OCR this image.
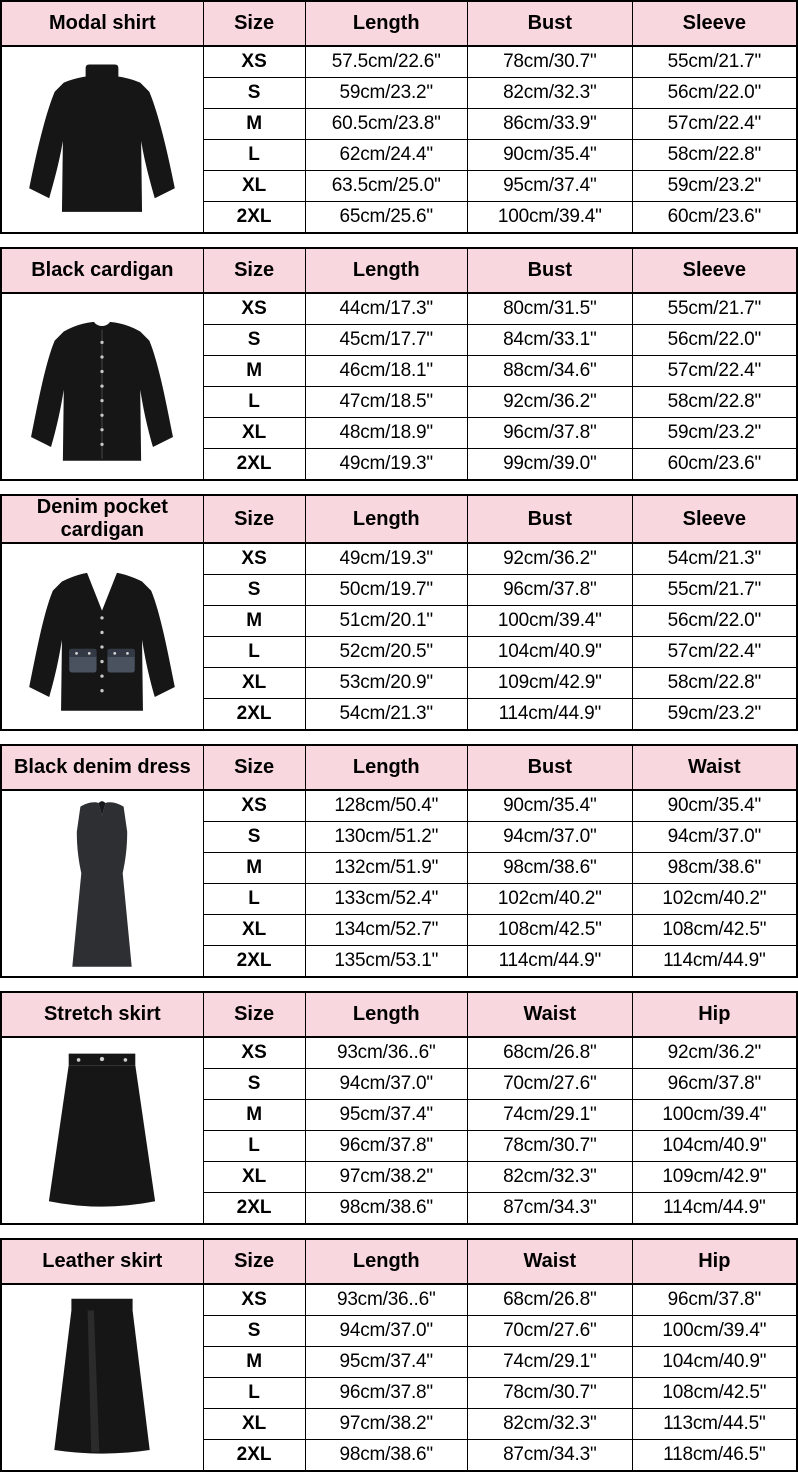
Modal shirt	Size	Length	Bust	Sleeve

	XS	57.5cm/22.6"	78cm/30.7"	55cm/21.7"
	S	59cm/23.2"	82cm/32.3"	56cm/22.0"
	M	60.5cm/23.8"	86cm/33.9"	57cm/22.4"
	L	62cm/24.4"	90cm/35.4"	58cm/22.8"
	XL	63.5cm/25.0"	95cm/37.4"	59cm/23.2"
	2XL	65cm/25.6"	100cm/39.4"	60cm/23.6"
Black cardigan	Size	Length	Bust	Sleeve

	XS	44cm/17.3"	80cm/31.5"	55cm/21.7"
	S	45cm/17.7"	84cm/33.1"	56cm/22.0"
	M	46cm/18.1"	88cm/34.6"	57cm/22.4"
	L	47cm/18.5"	92cm/36.2"	58cm/22.8"
	XL	48cm/18.9"	96cm/37.8"	59cm/23.2"
	2XL	49cm/19.3"	99cm/39.0"	60cm/23.6"
Denim pocket cardigan	Size	Length	Bust	Sleeve

	XS	49cm/19.3"	92cm/36.2"	54cm/21.3"
	S	50cm/19.7"	96cm/37.8"	55cm/21.7"
	M	51cm/20.1"	100cm/39.4"	56cm/22.0"
	L	52cm/20.5"	104cm/40.9"	57cm/22.4"
	XL	53cm/20.9"	109cm/42.9"	58cm/22.8"
	2XL	54cm/21.3"	114cm/44.9"	59cm/23.2"
Black denim dress	Size	Length	Bust	Waist

	XS	128cm/50.4"	90cm/35.4"	90cm/35.4"
	S	130cm/51.2"	94cm/37.0"	94cm/37.0"
	M	132cm/51.9"	98cm/38.6"	98cm/38.6"
	L	133cm/52.4"	102cm/40.2"	102cm/40.2"
	XL	134cm/52.7"	108cm/42.5"	108cm/42.5"
	2XL	135cm/53.1"	114cm/44.9"	114cm/44.9"
Stretch skirt	Size	Length	Waist	Hip

	XS	93cm/36..6"	68cm/26.8"	92cm/36.2"
	S	94cm/37.0"	70cm/27.6"	96cm/37.8"
	M	95cm/37.4"	74cm/29.1"	100cm/39.4"
	L	96cm/37.8"	78cm/30.7"	104cm/40.9"
	XL	97cm/38.2"	82cm/32.3"	109cm/42.9"
	2XL	98cm/38.6"	87cm/34.3"	114cm/44.9"
Leather skirt	Size	Length	Waist	Hip

	XS	93cm/36..6"	68cm/26.8"	96cm/37.8"
	S	94cm/37.0"	70cm/27.6"	100cm/39.4"
	M	95cm/37.4"	74cm/29.1"	104cm/40.9"
	L	96cm/37.8"	78cm/30.7"	108cm/42.5"
	XL	97cm/38.2"	82cm/32.3"	113cm/44.5"
	2XL	98cm/38.6"	87cm/34.3"	118cm/46.5"
